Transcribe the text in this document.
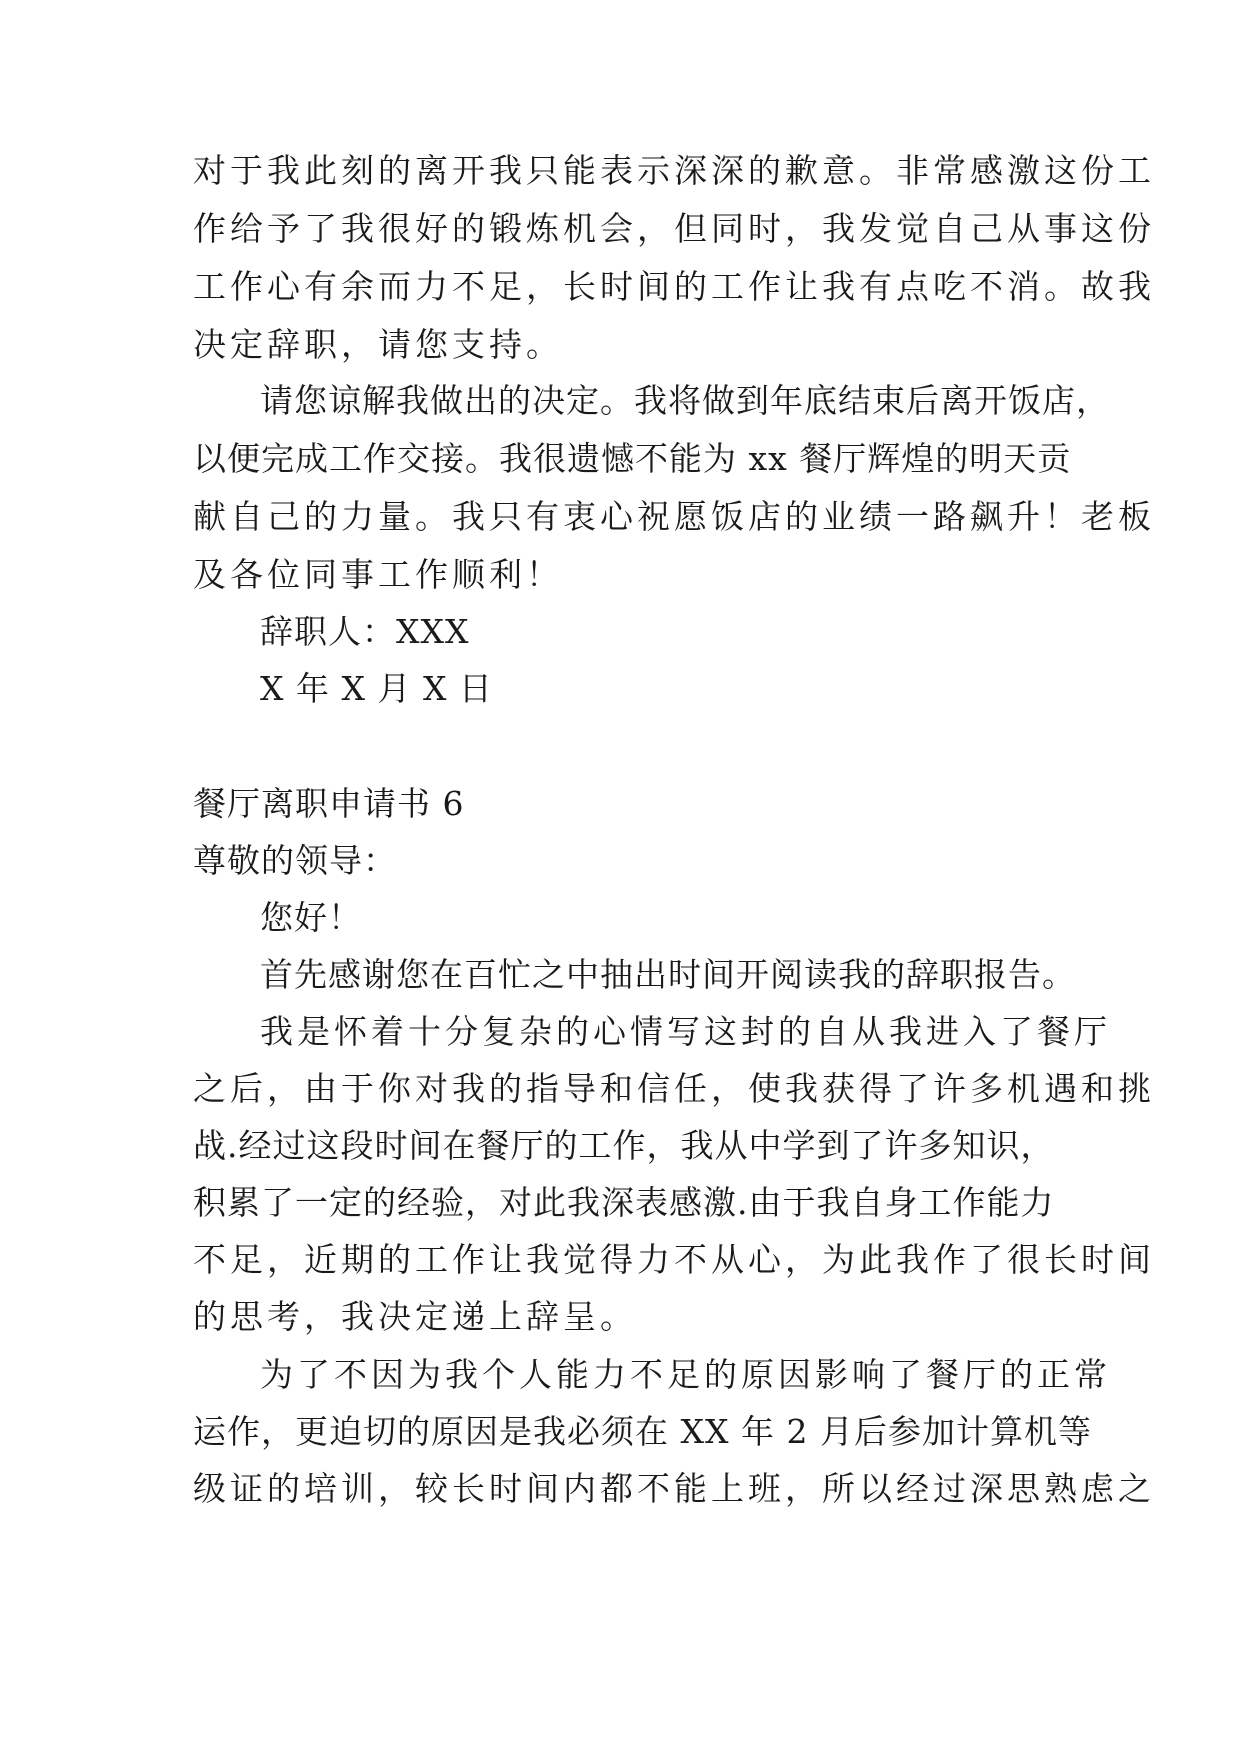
对于我此刻的离开我只能表示深深的歉意。非常感激这份工
作给予了我很好的锻炼机会，但同时，我发觉自己从事这份
工作心有余而力不足，长时间的工作让我有点吃不消。故我
决定辞职，请您支持。
请您谅解我做出的决定。我将做到年底结束后离开饭店，
以便完成工作交接。我很遗憾不能为 xx 餐厅辉煌的明天贡
献自己的力量。我只有衷心祝愿饭店的业绩一路飙升！老板
及各位同事工作顺利！
辞职人：XXX
X 年 X 月 X 日
餐厅离职申请书 6
尊敬的领导：
您好！
首先感谢您在百忙之中抽出时间开阅读我的辞职报告。
我是怀着十分复杂的心情写这封的自从我进入了餐厅
之后，由于你对我的指导和信任，使我获得了许多机遇和挑
战.经过这段时间在餐厅的工作，我从中学到了许多知识，
积累了一定的经验，对此我深表感激.由于我自身工作能力
不足，近期的工作让我觉得力不从心，为此我作了很长时间
的思考，我决定递上辞呈。
为了不因为我个人能力不足的原因影响了餐厅的正常
运作，更迫切的原因是我必须在 XX 年 2 月后参加计算机等
级证的培训，较长时间内都不能上班，所以经过深思熟虑之
